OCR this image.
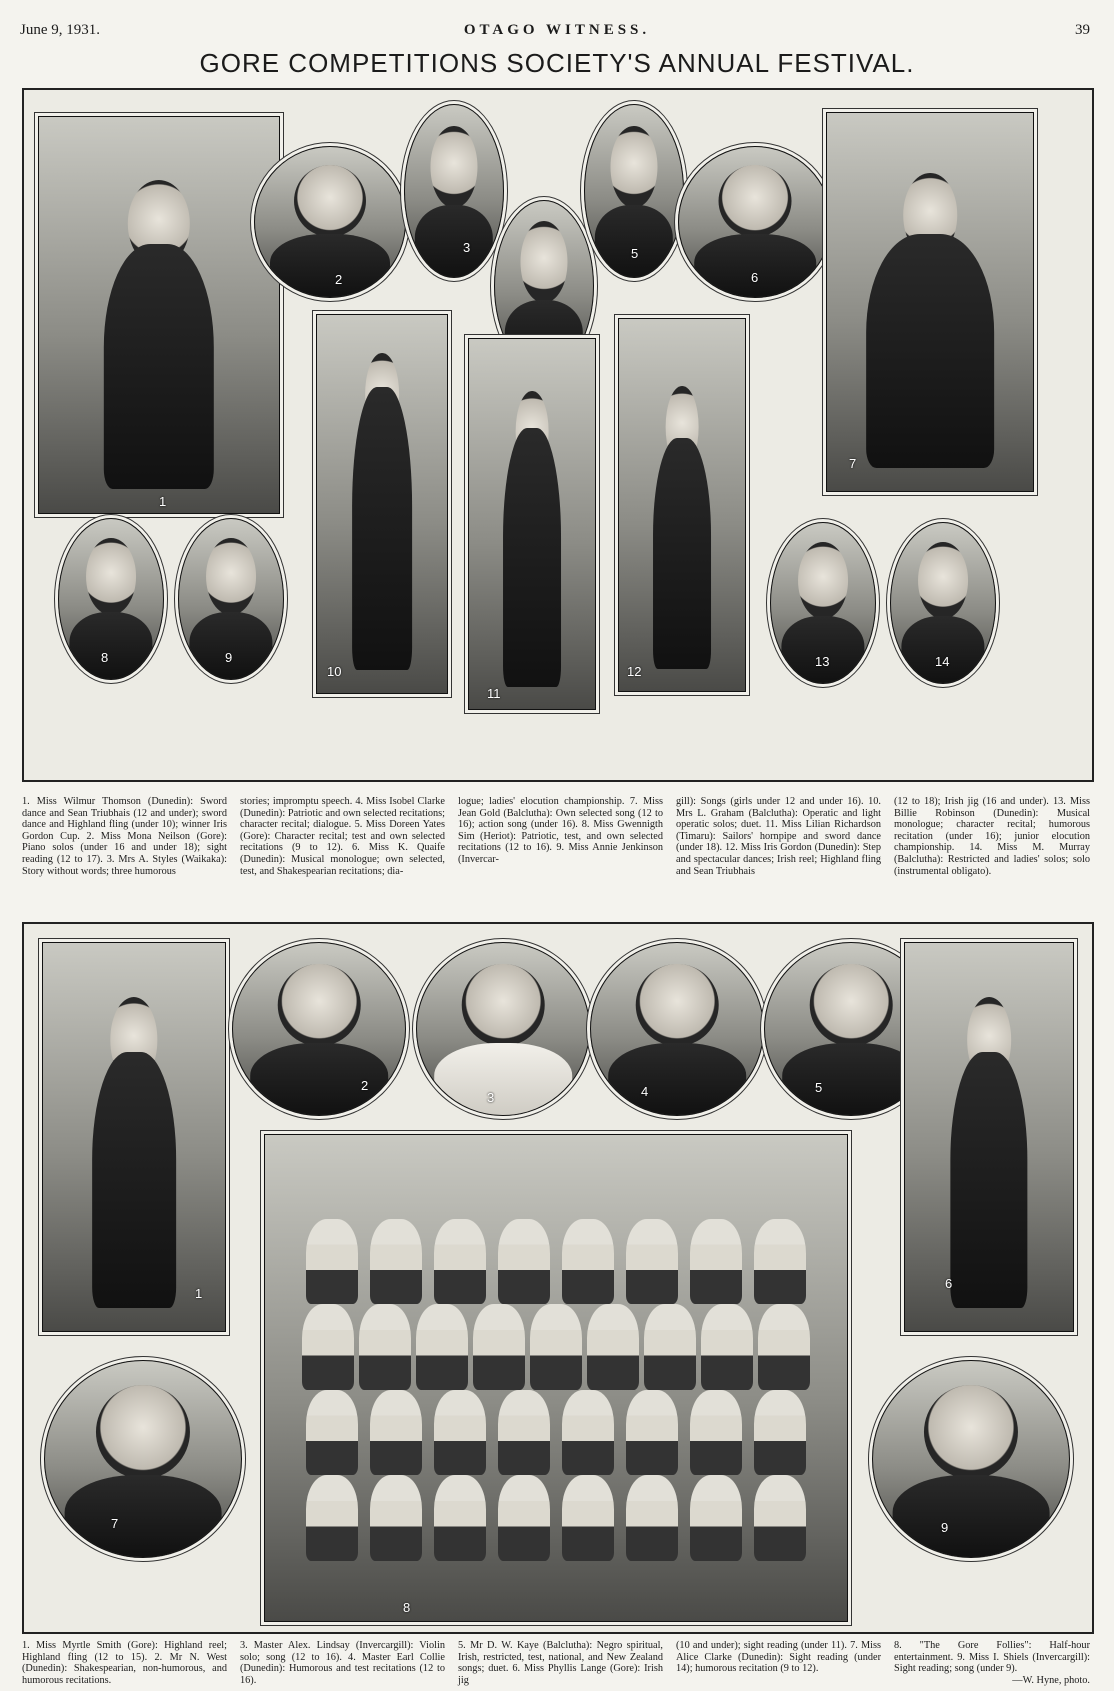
June 9, 1931.	OTAGO WITNESS.	39
GORE COMPETITIONS SOCIETY'S ANNUAL FESTIVAL.
1
2
3	5
6
7
10
11
12
8	9	13	14
1. Miss Wilmur Thomson (Dunedin): Sword dance and Sean Triubhais (12 and under); sword dance and Highland fling (under 10); winner Iris Gordon Cup. 2. Miss Mona Neilson (Gore): Piano solos (under 16 and under 18); sight reading (12 to 17). 3. Mrs A. Styles (Waikaka): Story without words; three humorous
stories; impromptu speech. 4. Miss Isobel Clarke (Dunedin): Patriotic and own selected recitations; character recital; dialogue. 5. Miss Doreen Yates (Gore): Character recital; test and own selected recitations (9 to 12). 6. Miss K. Quaife (Dunedin): Musical monologue; own selected, test, and Shakespearian recitations; dia-
logue; ladies' elocution championship. 7. Miss Jean Gold (Balclutha): Own selected song (12 to 16); action song (under 16). 8. Miss Gwennigth Sim (Heriot): Patriotic, test, and own selected recitations (12 to 16). 9. Miss Annie Jenkinson (Invercar-
gill): Songs (girls under 12 and under 16). 10. Mrs L. Graham (Balclutha): Operatic and light operatic solos; duet. 11. Miss Lilian Richardson (Timaru): Sailors' hornpipe and sword dance (under 18). 12. Miss Iris Gordon (Dunedin): Step and spectacular dances; Irish reel; Highland fling and Sean Triubhais
(12 to 18); Irish jig (16 and under). 13. Miss Billie Robinson (Dunedin): Musical monologue; character recital; humorous recitation (under 16); junior elocution championship. 14. Miss M. Murray (Balclutha): Restricted and ladies' solos; solo (instrumental obligato).
1
2
3	4	5
6
8
7	9
1. Miss Myrtle Smith (Gore): Highland reel; Highland fling (12 to 15). 2. Mr N. West (Dunedin): Shakespearian, non-humorous, and humorous recitations.
3. Master Alex. Lindsay (Invercargill): Violin solo; song (12 to 16). 4. Master Earl Collie (Dunedin): Humorous and test recitations (12 to 16).
5. Mr D. W. Kaye (Balclutha): Negro spiritual, Irish, restricted, test, national, and New Zealand songs; duet. 6. Miss Phyllis Lange (Gore): Irish jig
(10 and under); sight reading (under 11). 7. Miss Alice Clarke (Dunedin): Sight reading (under 14); humorous recitation (9 to 12).
8. "The Gore Follies": Half-hour entertainment. 9. Miss I. Shiels (Invercargill): Sight reading; song (under 9).

—W. Hyne, photo.
